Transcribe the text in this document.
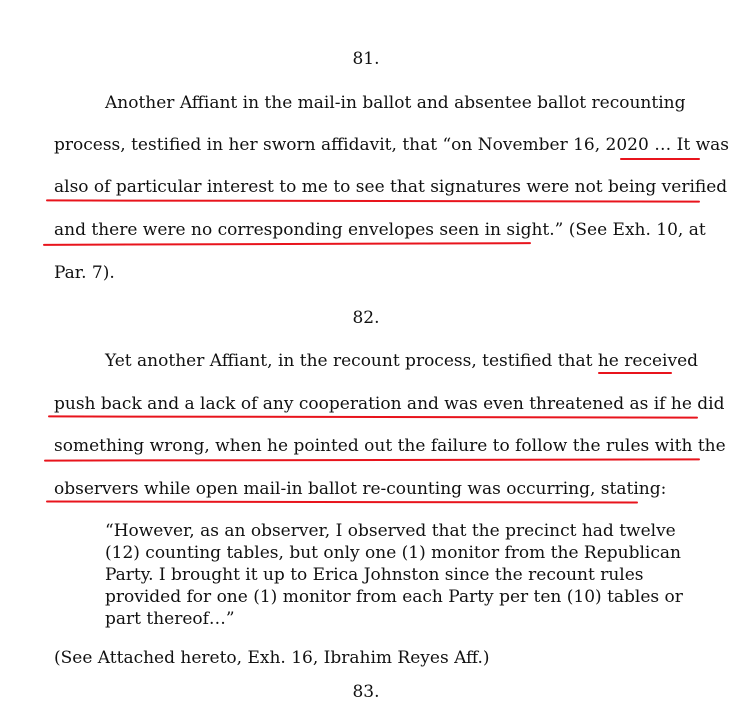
81.
Another Affiant in the mail-in ballot and absentee ballot recounting
process, testified in her sworn affidavit, that “on November 16, 2020 … It was
also of particular interest to me to see that signatures were not being verified
and there were no corresponding envelopes seen in sight.” (See Exh. 10, at
Par. 7).
82.
Yet another Affiant, in the recount process, testified that he received
push back and a lack of any cooperation and was even threatened as if he did
something wrong, when he pointed out the failure to follow the rules with the
observers while open mail-in ballot re-counting was occurring, stating:
“However, as an observer, I observed that the precinct had twelve
(12) counting tables, but only one (1) monitor from the Republican
Party. I brought it up to Erica Johnston since the recount rules
provided for one (1) monitor from each Party per ten (10) tables or
part thereof…”
(See Attached hereto, Exh. 16, Ibrahim Reyes Aff.)
83.
